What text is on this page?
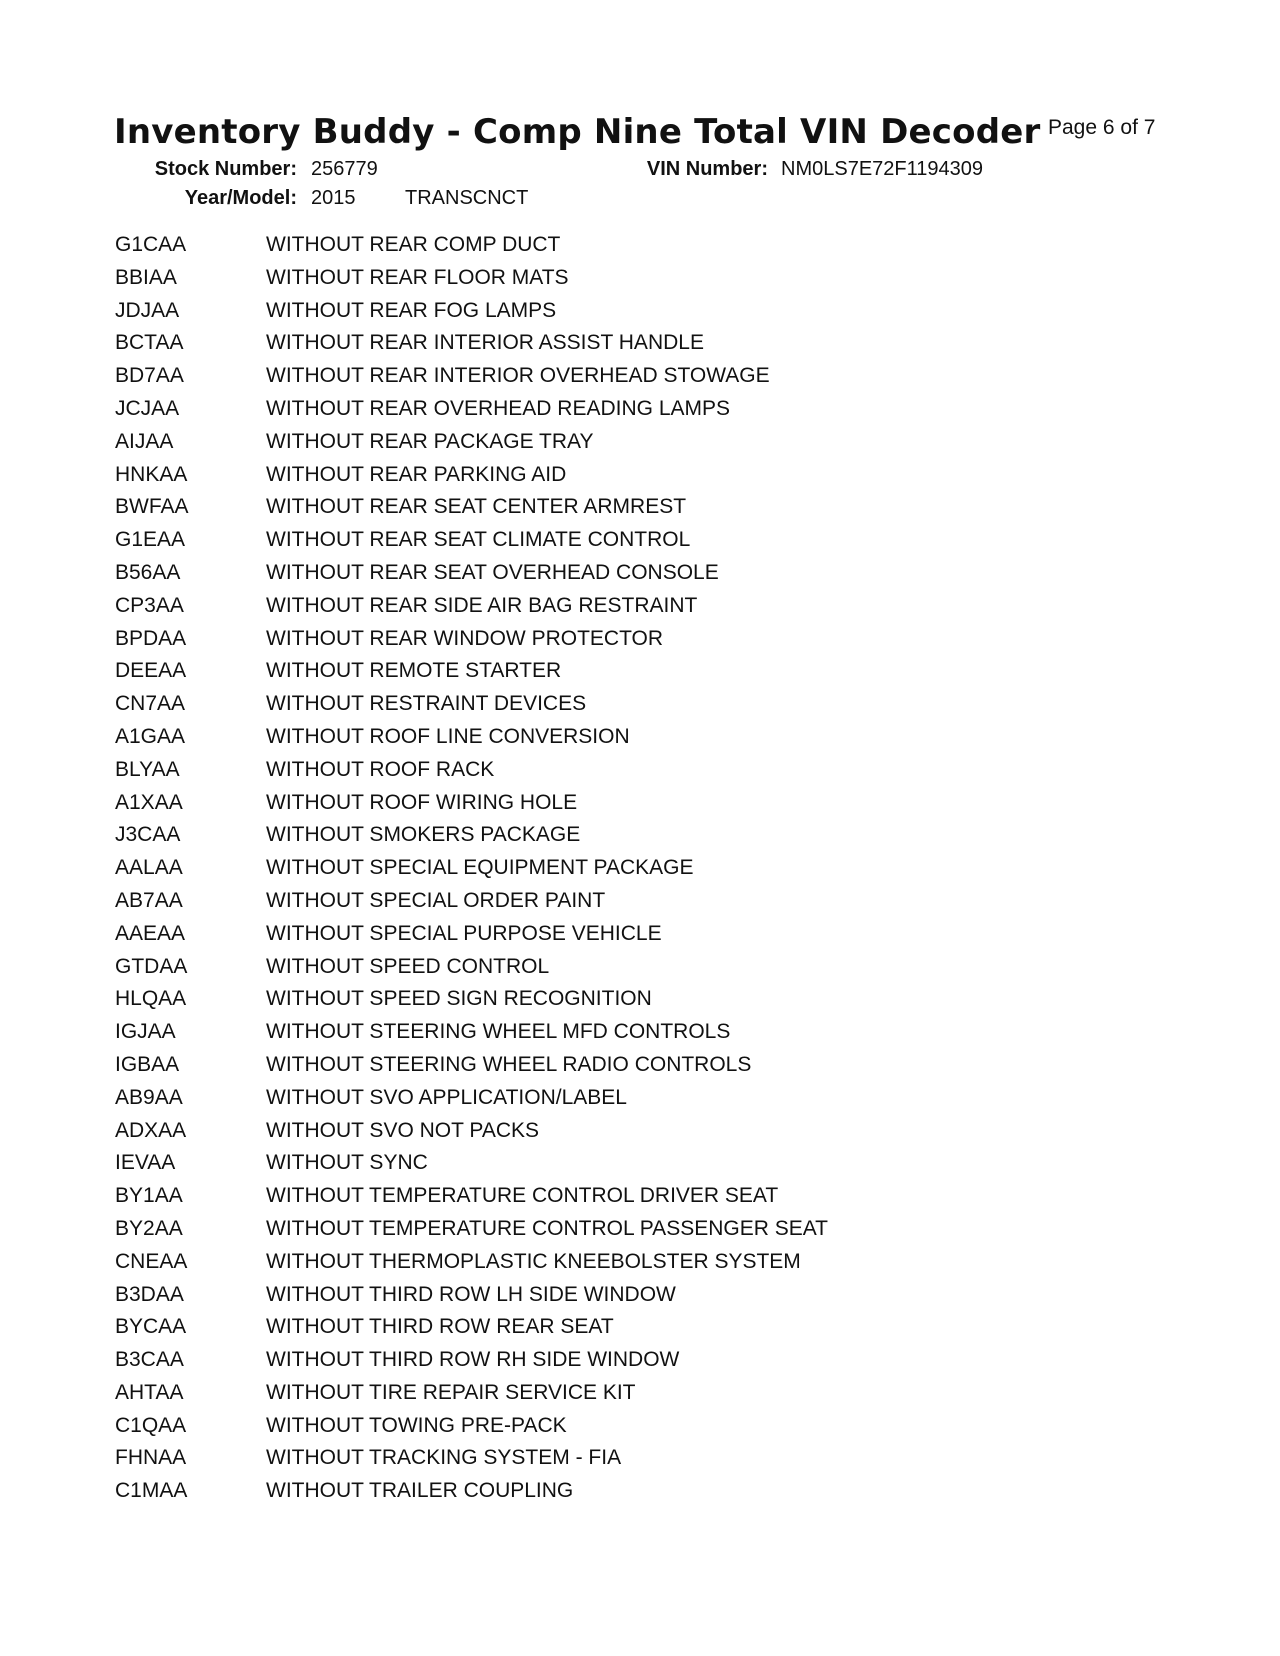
Inventory Buddy - Comp Nine Total VIN Decoder Page 6 of 7
Stock Number: 256779	VIN Number: NM0LS7E72F1194309
Year/Model: 2015 TRANSCNCT
G1CAA	WITHOUT REAR COMP DUCT
BBIAA	WITHOUT REAR FLOOR MATS
JDJAA	WITHOUT REAR FOG LAMPS
BCTAA	WITHOUT REAR INTERIOR ASSIST HANDLE
BD7AA	WITHOUT REAR INTERIOR OVERHEAD STOWAGE
JCJAA	WITHOUT REAR OVERHEAD READING LAMPS
AIJAA	WITHOUT REAR PACKAGE TRAY
HNKAA	WITHOUT REAR PARKING AID
BWFAA	WITHOUT REAR SEAT CENTER ARMREST
G1EAA	WITHOUT REAR SEAT CLIMATE CONTROL
B56AA	WITHOUT REAR SEAT OVERHEAD CONSOLE
CP3AA	WITHOUT REAR SIDE AIR BAG RESTRAINT
BPDAA	WITHOUT REAR WINDOW PROTECTOR
DEEAA	WITHOUT REMOTE STARTER
CN7AA	WITHOUT RESTRAINT DEVICES
A1GAA	WITHOUT ROOF LINE CONVERSION
BLYAA	WITHOUT ROOF RACK
A1XAA	WITHOUT ROOF WIRING HOLE
J3CAA	WITHOUT SMOKERS PACKAGE
AALAA	WITHOUT SPECIAL EQUIPMENT PACKAGE
AB7AA	WITHOUT SPECIAL ORDER PAINT
AAEAA	WITHOUT SPECIAL PURPOSE VEHICLE
GTDAA	WITHOUT SPEED CONTROL
HLQAA	WITHOUT SPEED SIGN RECOGNITION
IGJAA	WITHOUT STEERING WHEEL MFD CONTROLS
IGBAA	WITHOUT STEERING WHEEL RADIO CONTROLS
AB9AA	WITHOUT SVO APPLICATION/LABEL
ADXAA	WITHOUT SVO NOT PACKS
IEVAA	WITHOUT SYNC
BY1AA	WITHOUT TEMPERATURE CONTROL DRIVER SEAT
BY2AA	WITHOUT TEMPERATURE CONTROL PASSENGER SEAT
CNEAA	WITHOUT THERMOPLASTIC KNEEBOLSTER SYSTEM
B3DAA	WITHOUT THIRD ROW LH SIDE WINDOW
BYCAA	WITHOUT THIRD ROW REAR SEAT
B3CAA	WITHOUT THIRD ROW RH SIDE WINDOW
AHTAA	WITHOUT TIRE REPAIR SERVICE KIT
C1QAA	WITHOUT TOWING PRE-PACK
FHNAA	WITHOUT TRACKING SYSTEM - FIA
C1MAA	WITHOUT TRAILER COUPLING
